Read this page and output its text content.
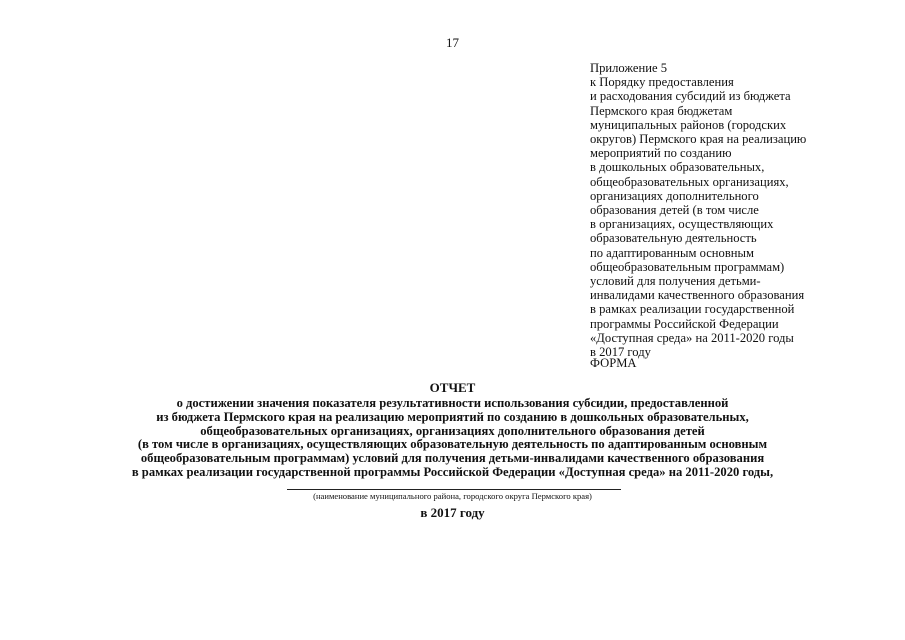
17
Приложение 5
к Порядку предоставления
и расходования субсидий из бюджета
Пермского края бюджетам
муниципальных районов (городских
округов) Пермского края на реализацию
мероприятий по созданию
в дошкольных образовательных,
общеобразовательных организациях,
организациях дополнительного
образования детей (в том числе
в организациях, осуществляющих
образовательную деятельность
по адаптированным основным
общеобразовательным программам)
условий для получения детьми-
инвалидами качественного образования
в рамках реализации государственной
программы Российской Федерации
«Доступная среда» на 2011-2020 годы
в 2017 году
ФОРМА
ОТЧЕТ
о достижении значения показателя результативности использования субсидии, предоставленной
из бюджета Пермского края на реализацию мероприятий по созданию в дошкольных образовательных,
общеобразовательных организациях, организациях дополнительного образования детей
(в том числе в организациях, осуществляющих образовательную деятельность по адаптированным основным
общеобразовательным программам) условий для получения детьми-инвалидами качественного образования
в рамках реализации государственной программы Российской Федерации «Доступная среда» на 2011-2020 годы,
(наименование муниципального района, городского округа Пермского края)
в 2017 году
